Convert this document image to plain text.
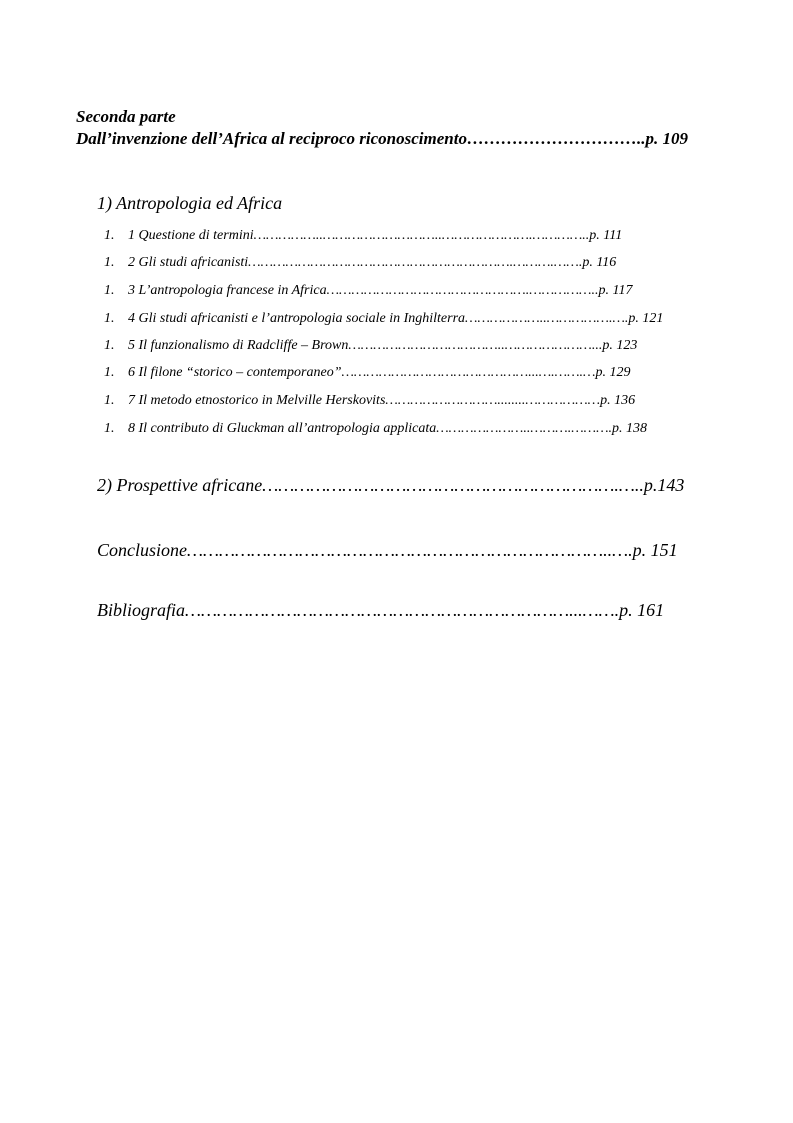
Seconda parte
Dall’invenzione dell’Africa al reciproco riconoscimento…………………………..p. 109
1) Antropologia ed Africa
1. 1 Questione di termini……………..………………………..………………….…………..p. 111
1. 2 Gli studi africanisti……………………………………………………….……….…….p. 116
1. 3 L’antropologia francese in Africa………………………………………….……………..p. 117
1. 4 Gli studi africanisti e l’antropologia sociale in Inghilterra………………..…………….….p. 121
1. 5 Il funzionalismo di Radcliffe – Brown………………………………..…………………...p. 123
1. 6 Il filone “storico – contemporaneo”………………………………………...….…….…p. 129
1. 7 Il metodo etnostorico in Melville Herskovits………………………........………………p. 136
1. 8 Il contributo di Gluckman all’antropologia applicata…………………..……….……….p. 138
2) Prospettive africane………………………………………………………….…..p.143
Conclusione……………………………………………………………………..….p. 151
Bibliografia………………………………………………………………...…….p. 161
